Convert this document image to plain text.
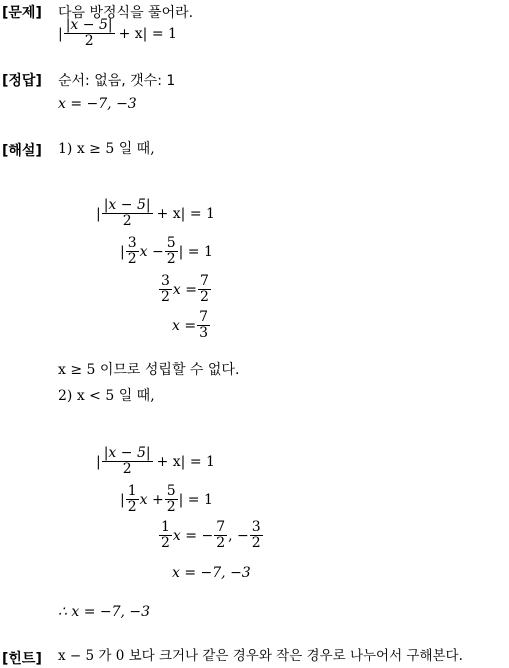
[문제] 다음 방정식을 풀어라.
| $\frac{|x - 5|}{2} + x| = 1$
[정답] 순서: 없음, 갯수: 1
x = −7, −3
[해설] 1) x ≥ 5 일 때,
| $\frac{|x - 5|}{2} + x| = 1$
| $\frac{3}{2}$ $x - \frac{5}{2}$ | = 1
$\frac{3}{2}$ $x = \frac{7}{2}$
$x = \frac{7}{3}$
x ≥ 5 이므로 성립할 수 없다.
2) x < 5 일 때,
| $\frac{|x - 5|}{2} + x| = 1$
| $\frac{1}{2}$ $x + \frac{5}{2}$ | = 1
$\frac{1}{2}$ x = − $\frac{7}{2}$ , − $\frac{3}{2}$
x = −7, −3
∴ x = −7, −3
[힌트] x − 5 가 0 보다 크거나 같은 경우와 작은 경우로 나누어서 구해본다.
